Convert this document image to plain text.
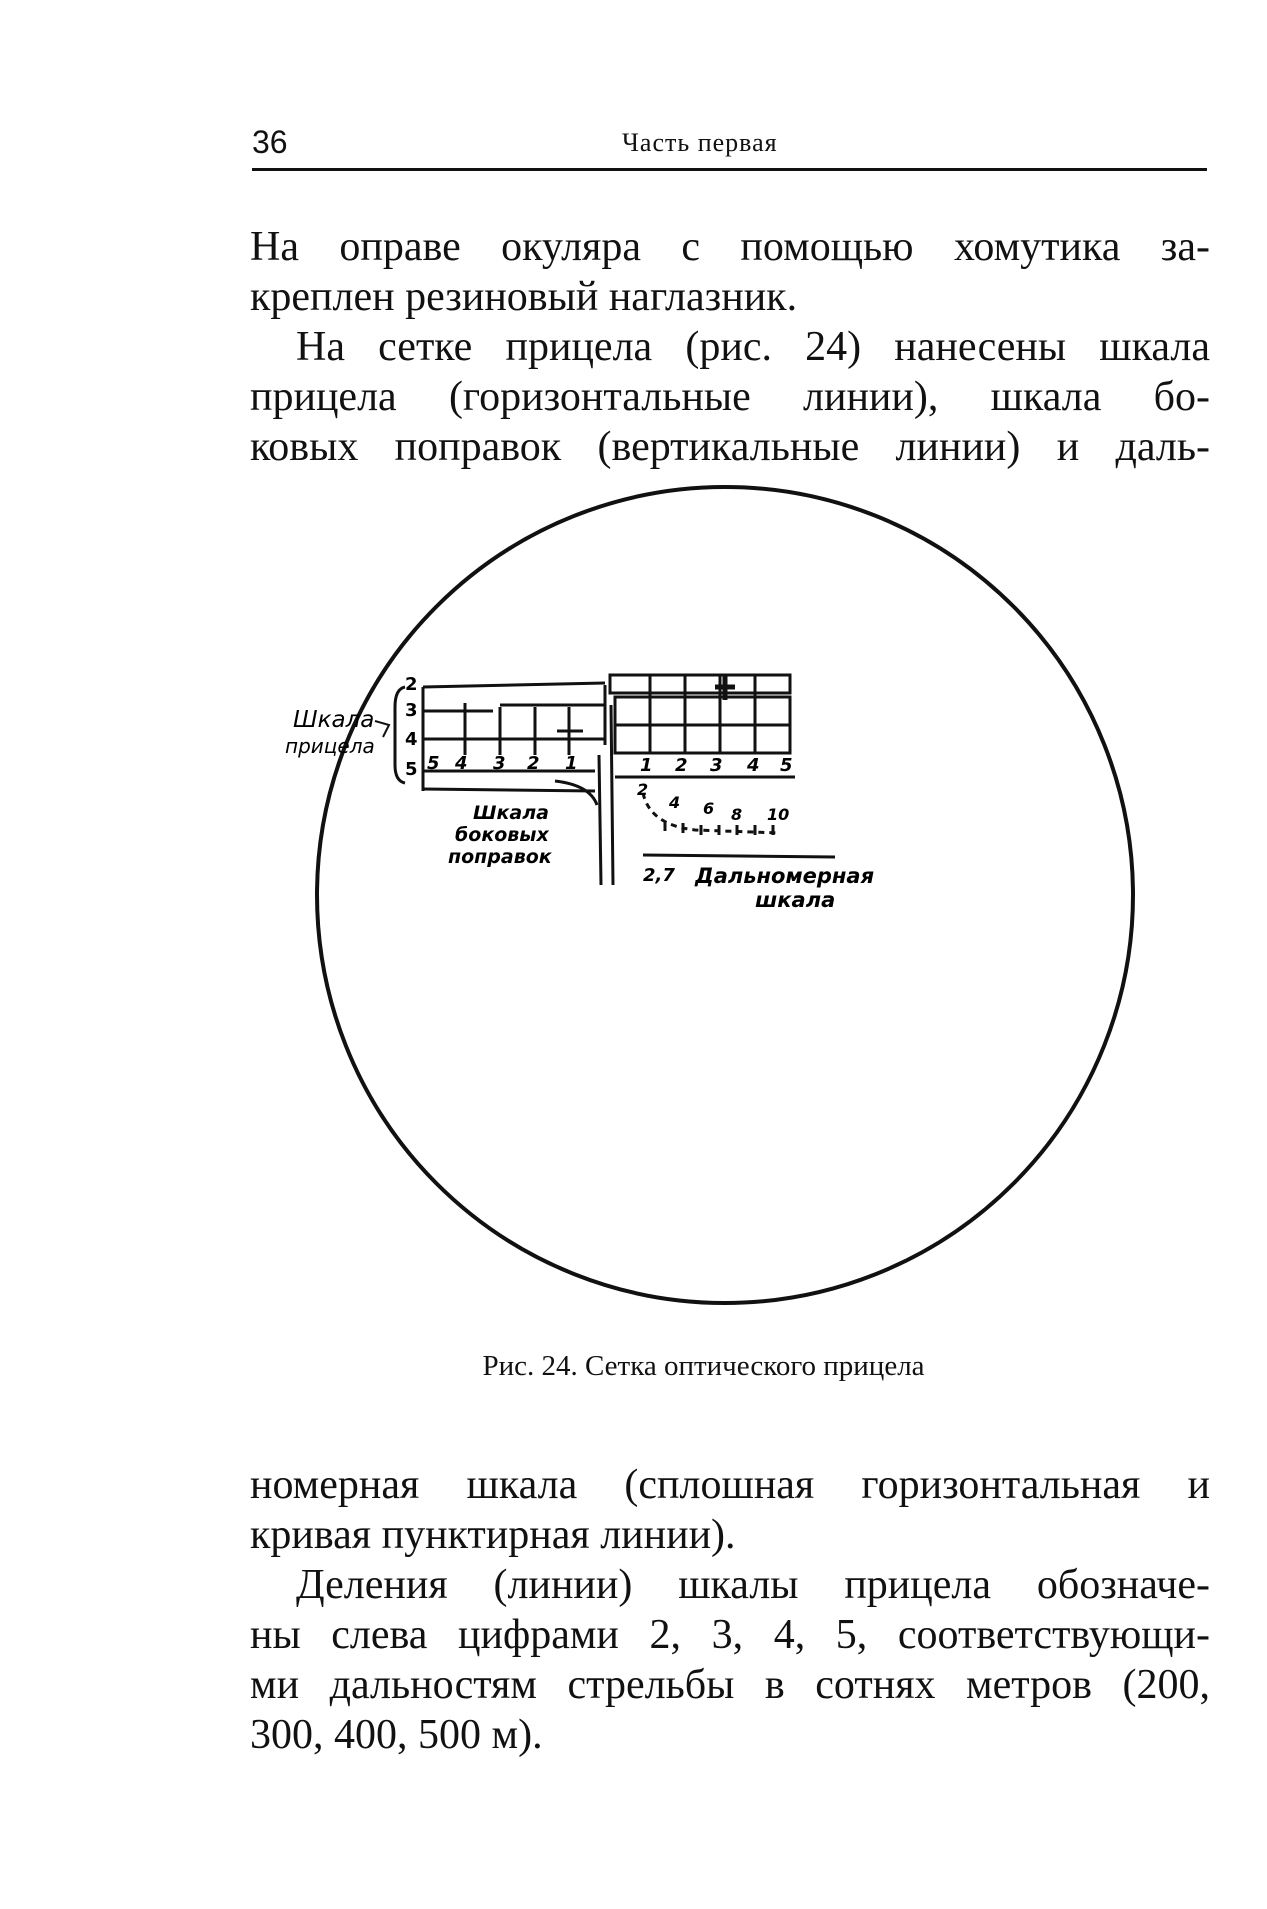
36	Часть первая
На оправе окуляра с помощью хомутика за-
креплен резиновый наглазник.
На сетке прицела (рис. 24) нанесены шкала
прицела (горизонтальные линии), шкала бо-
ковых поправок (вертикальные линии) и даль-
Шкала
прицела
2
3
4
5 5 4 3 2 1	1 2 3 4 5
Шкала
боковых
поправок
2
4 6 8 10
2,7 Дальномерная
шкала
Рис. 24. Сетка оптического прицела
номерная шкала (сплошная горизонтальная и
кривая пунктирная линии).
Деления (линии) шкалы прицела обозначе-
ны слева цифрами 2, 3, 4, 5, соответствующи-
ми дальностям стрельбы в сотнях метров (200,
300, 400, 500 м).
